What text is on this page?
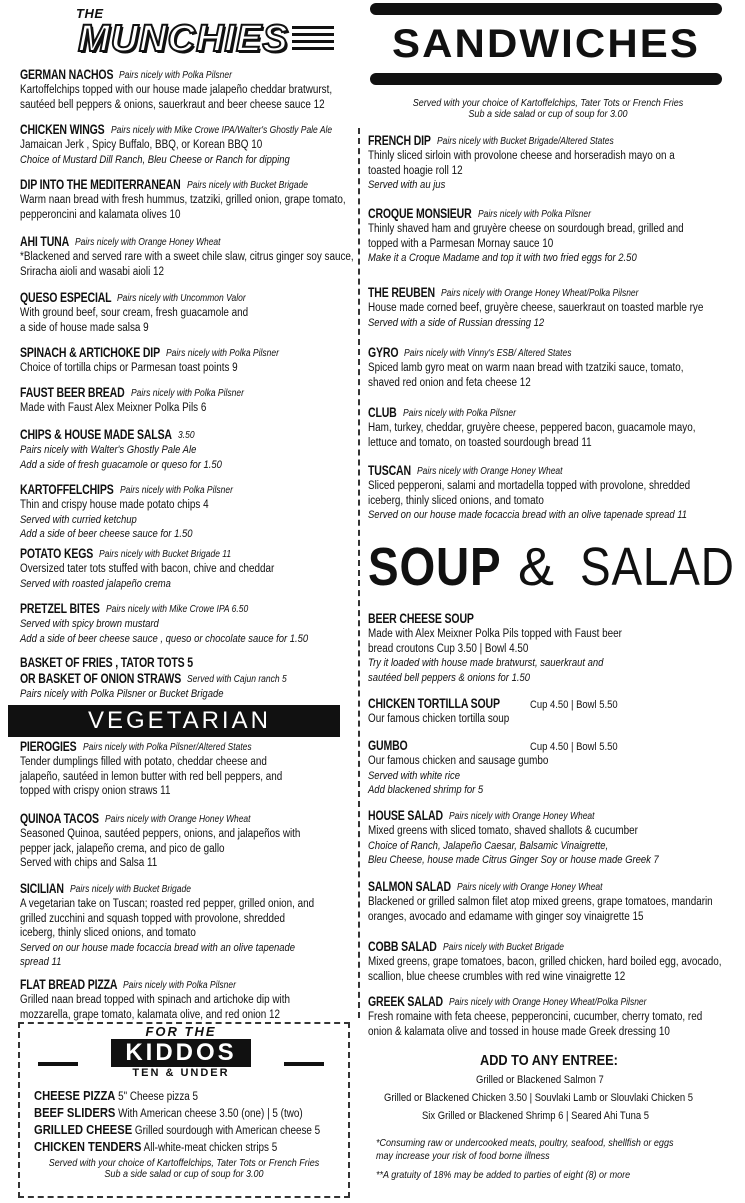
THE
MUNCHIES	SANDWICHES
Served with your choice of Kartoffelchips, Tater Tots or French Fries
Sub a side salad or cup of soup for 3.00
GERMAN NACHOS Pairs nicely with Polka Pilsner
Kartoffelchips topped with our house made jalapeño cheddar bratwurst,
sautéed bell peppers & onions, sauerkraut and beer cheese sauce 12
CHICKEN WINGS Pairs nicely with Mike Crowe IPA/Walter's Ghostly Pale Ale
Jamaican Jerk , Spicy Buffalo, BBQ, or Korean BBQ 10
Choice of Mustard Dill Ranch, Bleu Cheese or Ranch for dipping
DIP INTO THE MEDITERRANEAN Pairs nicely with Bucket Brigade
Warm naan bread with fresh hummus, tzatziki, grilled onion, grape tomato,
pepperoncini and kalamata olives 10
AHI TUNA Pairs nicely with Orange Honey Wheat
*Blackened and served rare with a sweet chile slaw, citrus ginger soy sauce,
Sriracha aioli and wasabi aioli 12
QUESO ESPECIAL Pairs nicely with Uncommon Valor
With ground beef, sour cream, fresh guacamole and
a side of house made salsa 9
SPINACH & ARTICHOKE DIP Pairs nicely with Polka Pilsner
Choice of tortilla chips or Parmesan toast points 9
FAUST BEER BREAD Pairs nicely with Polka Pilsner
Made with Faust Alex Meixner Polka Pils 6
CHIPS & HOUSE MADE SALSA 3.50
Pairs nicely with Walter's Ghostly Pale Ale
Add a side of fresh guacamole or queso for 1.50
KARTOFFELCHIPS Pairs nicely with Polka Pilsner
Thin and crispy house made potato chips 4
Served with curried ketchup
Add a side of beer cheese sauce for 1.50
POTATO KEGS Pairs nicely with Bucket Brigade 11
Oversized tater tots stuffed with bacon, chive and cheddar
Served with roasted jalapeño crema
PRETZEL BITES Pairs nicely with Mike Crowe IPA 6.50
Served with spicy brown mustard
Add a side of beer cheese sauce , queso or chocolate sauce for 1.50
BASKET OF FRIES , TATOR TOTS 5
OR BASKET OF ONION STRAWS Served with Cajun ranch 5
Pairs nicely with Polka Pilsner or Bucket Brigade
VEGETARIAN
PIEROGIES Pairs nicely with Polka Pilsner/Altered States
Tender dumplings filled with potato, cheddar cheese and
jalapeño, sautéed in lemon butter with red bell peppers, and
topped with crispy onion straws 11
QUINOA TACOS Pairs nicely with Orange Honey Wheat
Seasoned Quinoa, sautéed peppers, onions, and jalapeños with
pepper jack, jalapeño crema, and pico de gallo
Served with chips and Salsa 11
SICILIAN Pairs nicely with Bucket Brigade
A vegetarian take on Tuscan; roasted red pepper, grilled onion, and
grilled zucchini and squash topped with provolone, shredded
iceberg, thinly sliced onions, and tomato
Served on our house made focaccia bread with an olive tapenade
spread 11
FLAT BREAD PIZZA Pairs nicely with Polka Pilsner
Grilled naan bread topped with spinach and artichoke dip with
mozzarella, grape tomato, kalamata olive, and red onion 12
FOR THE
KIDDOS
TEN & UNDER
CHEESE PIZZA 5" Cheese pizza 5
BEEF SLIDERS With American cheese 3.50 (one) | 5 (two)
GRILLED CHEESE Grilled sourdough with American cheese 5
CHICKEN TENDERS All-white-meat chicken strips 5
Served with your choice of Kartoffelchips, Tater Tots or French Fries
Sub a side salad or cup of soup for 3.00
FRENCH DIP Pairs nicely with Bucket Brigade/Altered States
Thinly sliced sirloin with provolone cheese and horseradish mayo on a
toasted hoagie roll 12
Served with au jus
CROQUE MONSIEUR Pairs nicely with Polka Pilsner
Thinly shaved ham and gruyère cheese on sourdough bread, grilled and
topped with a Parmesan Mornay sauce 10
Make it a Croque Madame and top it with two fried eggs for 2.50
THE REUBEN Pairs nicely with Orange Honey Wheat/Polka Pilsner
House made corned beef, gruyère cheese, sauerkraut on toasted marble rye
Served with a side of Russian dressing 12
GYRO Pairs nicely with Vinny's ESB/ Altered States
Spiced lamb gyro meat on warm naan bread with tzatziki sauce, tomato,
shaved red onion and feta cheese 12
CLUB Pairs nicely with Polka Pilsner
Ham, turkey, cheddar, gruyère cheese, peppered bacon, guacamole mayo,
lettuce and tomato, on toasted sourdough bread 11
TUSCAN Pairs nicely with Orange Honey Wheat
Sliced pepperoni, salami and mortadella topped with provolone, shredded
iceberg, thinly sliced onions, and tomato
Served on our house made focaccia bread with an olive tapenade spread 11
SOUP & SALAD
BEER CHEESE SOUP
Made with Alex Meixner Polka Pils topped with Faust beer
bread croutons Cup 3.50 | Bowl 4.50
Try it loaded with house made bratwurst, sauerkraut and
sautéed bell peppers & onions for 1.50
CHICKEN TORTILLA SOUP	Cup 4.50 | Bowl 5.50
Our famous chicken tortilla soup
GUMBO	Cup 4.50 | Bowl 5.50
Our famous chicken and sausage gumbo
Served with white rice
Add blackened shrimp for 5
HOUSE SALAD Pairs nicely with Orange Honey Wheat
Mixed greens with sliced tomato, shaved shallots & cucumber
Choice of Ranch, Jalapeño Caesar, Balsamic Vinaigrette,
Bleu Cheese, house made Citrus Ginger Soy or house made Greek 7
SALMON SALAD Pairs nicely with Orange Honey Wheat
Blackened or grilled salmon filet atop mixed greens, grape tomatoes, mandarin
oranges, avocado and edamame with ginger soy vinaigrette 15
COBB SALAD Pairs nicely with Bucket Brigade
Mixed greens, grape tomatoes, bacon, grilled chicken, hard boiled egg, avocado,
scallion, blue cheese crumbles with red wine vinaigrette 12
GREEK SALAD Pairs nicely with Orange Honey Wheat/Polka Pilsner
Fresh romaine with feta cheese, pepperoncini, cucumber, cherry tomato, red
onion & kalamata olive and tossed in house made Greek dressing 10
ADD TO ANY ENTREE:
Grilled or Blackened Salmon 7
Grilled or Blackened Chicken 3.50 | Souvlaki Lamb or Slouvlaki Chicken 5
Six Grilled or Blackened Shrimp 6 | Seared Ahi Tuna 5
*Consuming raw or undercooked meats, poultry, seafood, shellfish or eggs
may increase your risk of food borne illness
**A gratuity of 18% may be added to parties of eight (8) or more
